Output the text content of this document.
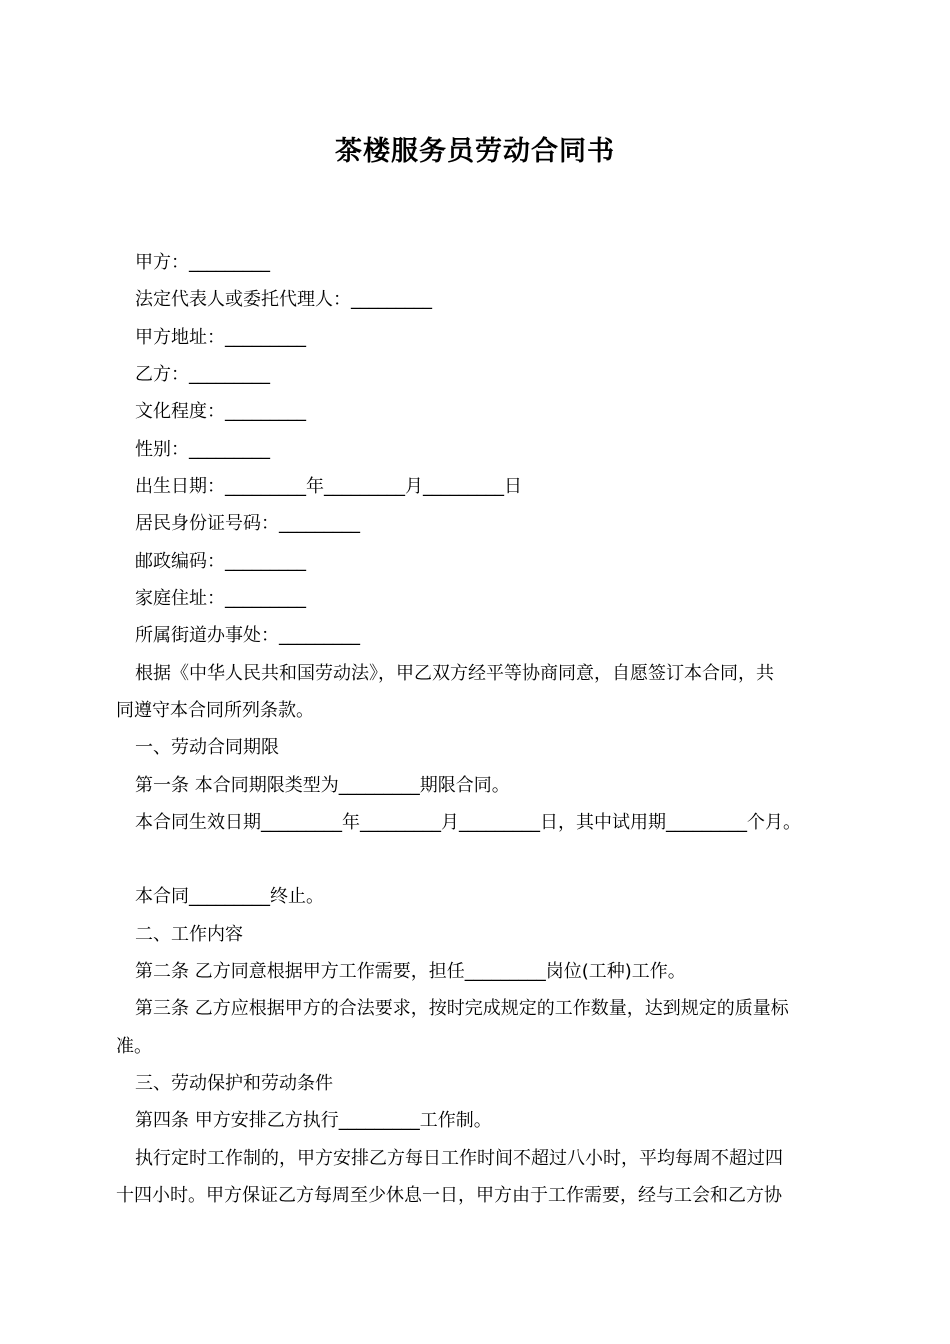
茶楼服务员劳动合同书
甲方：_________
法定代表人或委托代理人：_________
甲方地址：_________
乙方：_________
文化程度：_________
性别：_________
出生日期：_________年_________月_________日
居民身份证号码：_________
邮政编码：_________
家庭住址：_________
所属街道办事处：_________
根据《中华人民共和国劳动法》，甲乙双方经平等协商同意，自愿签订本合同，共
同遵守本合同所列条款。
一、劳动合同期限
第一条 本合同期限类型为_________期限合同。
本合同生效日期_________年_________月_________日，其中试用期_________个月。
本合同_________终止。
二、工作内容
第二条 乙方同意根据甲方工作需要，担任_________岗位(工种)工作。
第三条 乙方应根据甲方的合法要求，按时完成规定的工作数量，达到规定的质量标
准。
三、劳动保护和劳动条件
第四条 甲方安排乙方执行_________工作制。
执行定时工作制的，甲方安排乙方每日工作时间不超过八小时，平均每周不超过四
十四小时。甲方保证乙方每周至少休息一日，甲方由于工作需要，经与工会和乙方协
